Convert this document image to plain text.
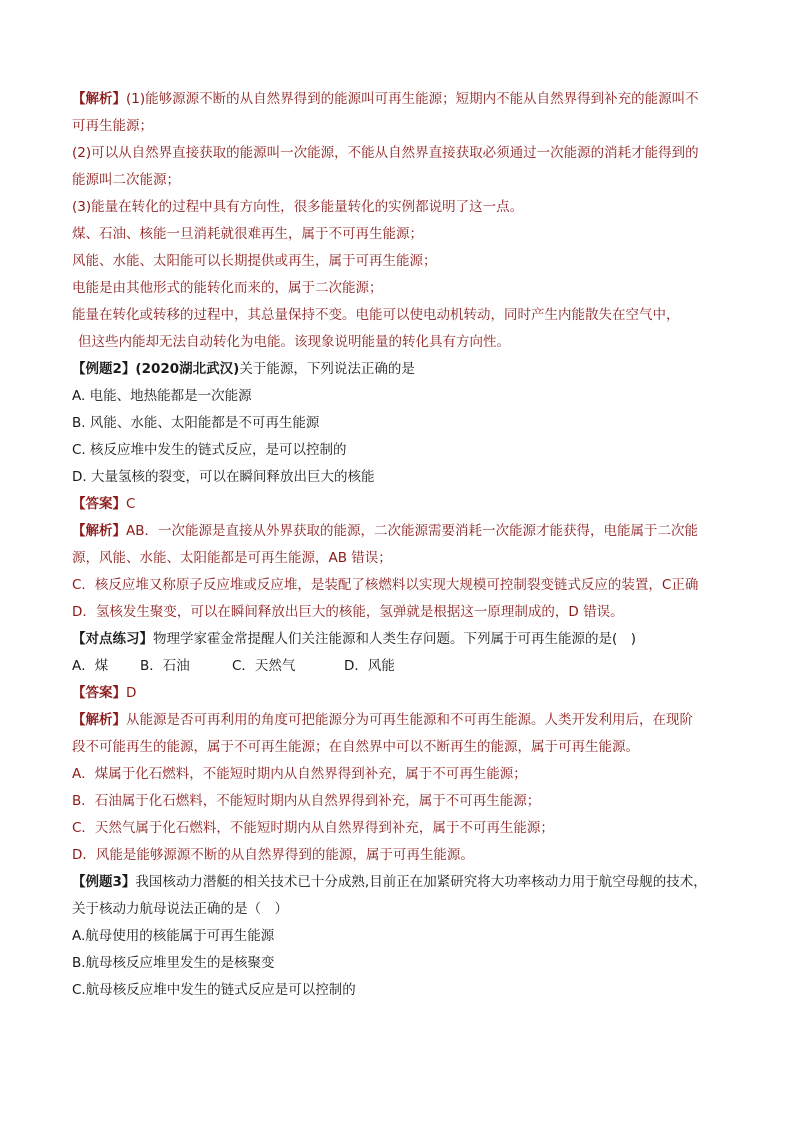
【解析】(1)能够源源不断的从自然界得到的能源叫可再生能源；短期内不能从自然界得到补充的能源叫不
可再生能源；
(2)可以从自然界直接获取的能源叫一次能源，不能从自然界直接获取必须通过一次能源的消耗才能得到的
能源叫二次能源；
(3)能量在转化的过程中具有方向性，很多能量转化的实例都说明了这一点。
煤、石油、核能一旦消耗就很难再生，属于不可再生能源；
风能、水能、太阳能可以长期提供或再生，属于可再生能源；
电能是由其他形式的能转化而来的，属于二次能源；
能量在转化或转移的过程中，其总量保持不变。电能可以使电动机转动，同时产生内能散失在空气中，
但这些内能却无法自动转化为电能。该现象说明能量的转化具有方向性。
【例题2】(2020湖北武汉)关于能源，下列说法正确的是
A. 电能、地热能都是一次能源
B. 风能、水能、太阳能都是不可再生能源
C. 核反应堆中发生的链式反应，是可以控制的
D. 大量氢核的裂变，可以在瞬间释放出巨大的核能
【答案】C
【解析】AB．一次能源是直接从外界获取的能源，二次能源需要消耗一次能源才能获得，电能属于二次能
源，风能、水能、太阳能都是可再生能源，AB 错误；
C．核反应堆又称原子反应堆或反应堆，是装配了核燃料以实现大规模可控制裂变链式反应的装置，C正确
D．氢核发生聚变，可以在瞬间释放出巨大的核能，氢弹就是根据这一原理制成的，D 错误。
【对点练习】物理学家霍金常提醒人们关注能源和人类生存问题。下列属于可再生能源的是(　)
A．煤	B．石油	C．天然气	D．风能
【答案】D
【解析】从能源是否可再利用的角度可把能源分为可再生能源和不可再生能源。人类开发利用后，在现阶
段不可能再生的能源，属于不可再生能源；在自然界中可以不断再生的能源，属于可再生能源。
A．煤属于化石燃料，不能短时期内从自然界得到补充，属于不可再生能源；
B．石油属于化石燃料，不能短时期内从自然界得到补充，属于不可再生能源；
C．天然气属于化石燃料，不能短时期内从自然界得到补充，属于不可再生能源；
D．风能是能够源源不断的从自然界得到的能源，属于可再生能源。
【例题3】我国核动力潜艇的相关技术已十分成熟,目前正在加紧研究将大功率核动力用于航空母舰的技术，
关于核动力航母说法正确的是（　）
A.航母使用的核能属于可再生能源
B.航母核反应堆里发生的是核聚变
C.航母核反应堆中发生的链式反应是可以控制的
